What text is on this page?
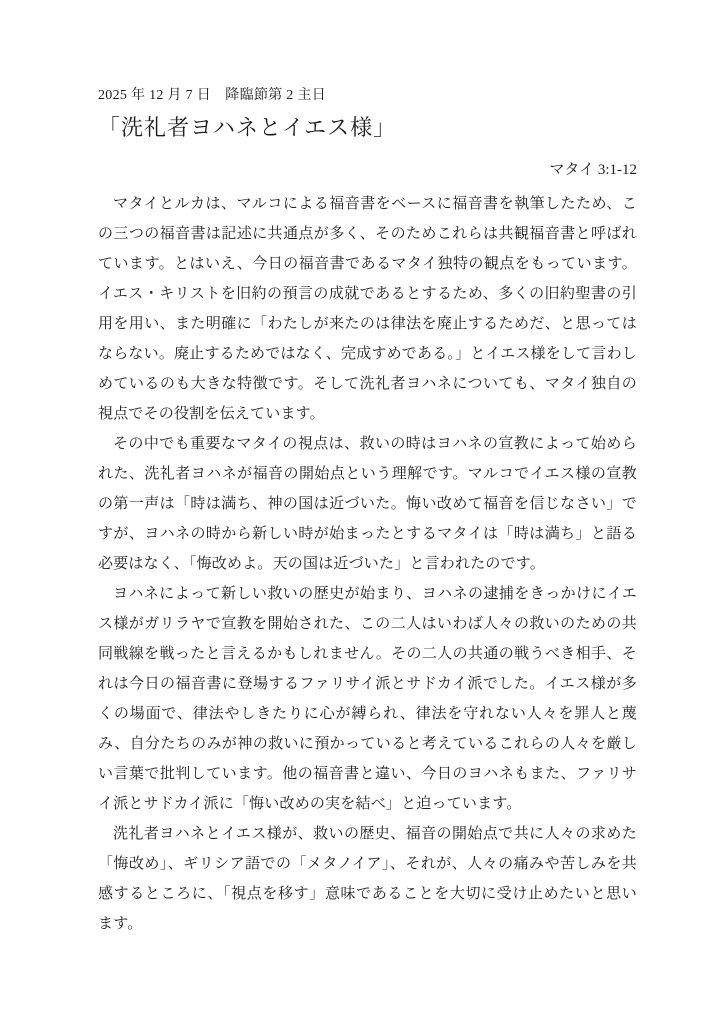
2025 年 12 月 7 日　降臨節第 2 主日
「洗礼者ヨハネとイエス様」
マタイ 3:1-12

マタイとルカは、マルコによる福音書をベースに福音書を執筆したため、この三つの福音書は記述に共通点が多く、そのためこれらは共観福音書と呼ばれています。とはいえ、今日の福音書であるマタイ独特の観点をもっています。イエス・キリストを旧約の預言の成就であるとするため、多くの旧約聖書の引用を用い、また明確に「わたしが来たのは律法を廃止するためだ、と思ってはならない。廃止するためではなく、完成すめである。」とイエス様をして言わしめているのも大きな特徴です。そして洗礼者ヨハネについても、マタイ独自の視点でその役割を伝えています。

その中でも重要なマタイの視点は、救いの時はヨハネの宣教によって始められた、洗礼者ヨハネが福音の開始点という理解です。マルコでイエス様の宣教の第一声は「時は満ち、神の国は近づいた。悔い改めて福音を信じなさい」ですが、ヨハネの時から新しい時が始まったとするマタイは「時は満ち」と語る必要はなく、「悔改めよ。天の国は近づいた」と言われたのです。

ヨハネによって新しい救いの歴史が始まり、ヨハネの逮捕をきっかけにイエス様がガリラヤで宣教を開始された、この二人はいわば人々の救いのための共同戦線を戦ったと言えるかもしれません。その二人の共通の戦うべき相手、それは今日の福音書に登場するファリサイ派とサドカイ派でした。イエス様が多くの場面で、律法やしきたりに心が縛られ、律法を守れない人々を罪人と蔑み、自分たちのみが神の救いに預かっていると考えているこれらの人々を厳しい言葉で批判しています。他の福音書と違い、今日のヨハネもまた、ファリサイ派とサドカイ派に「悔い改めの実を結べ」と迫っています。

洗礼者ヨハネとイエス様が、救いの歴史、福音の開始点で共に人々の求めた「悔改め」、ギリシア語での「メタノイア」、それが、人々の痛みや苦しみを共感するところに、「視点を移す」意味であることを大切に受け止めたいと思います。
